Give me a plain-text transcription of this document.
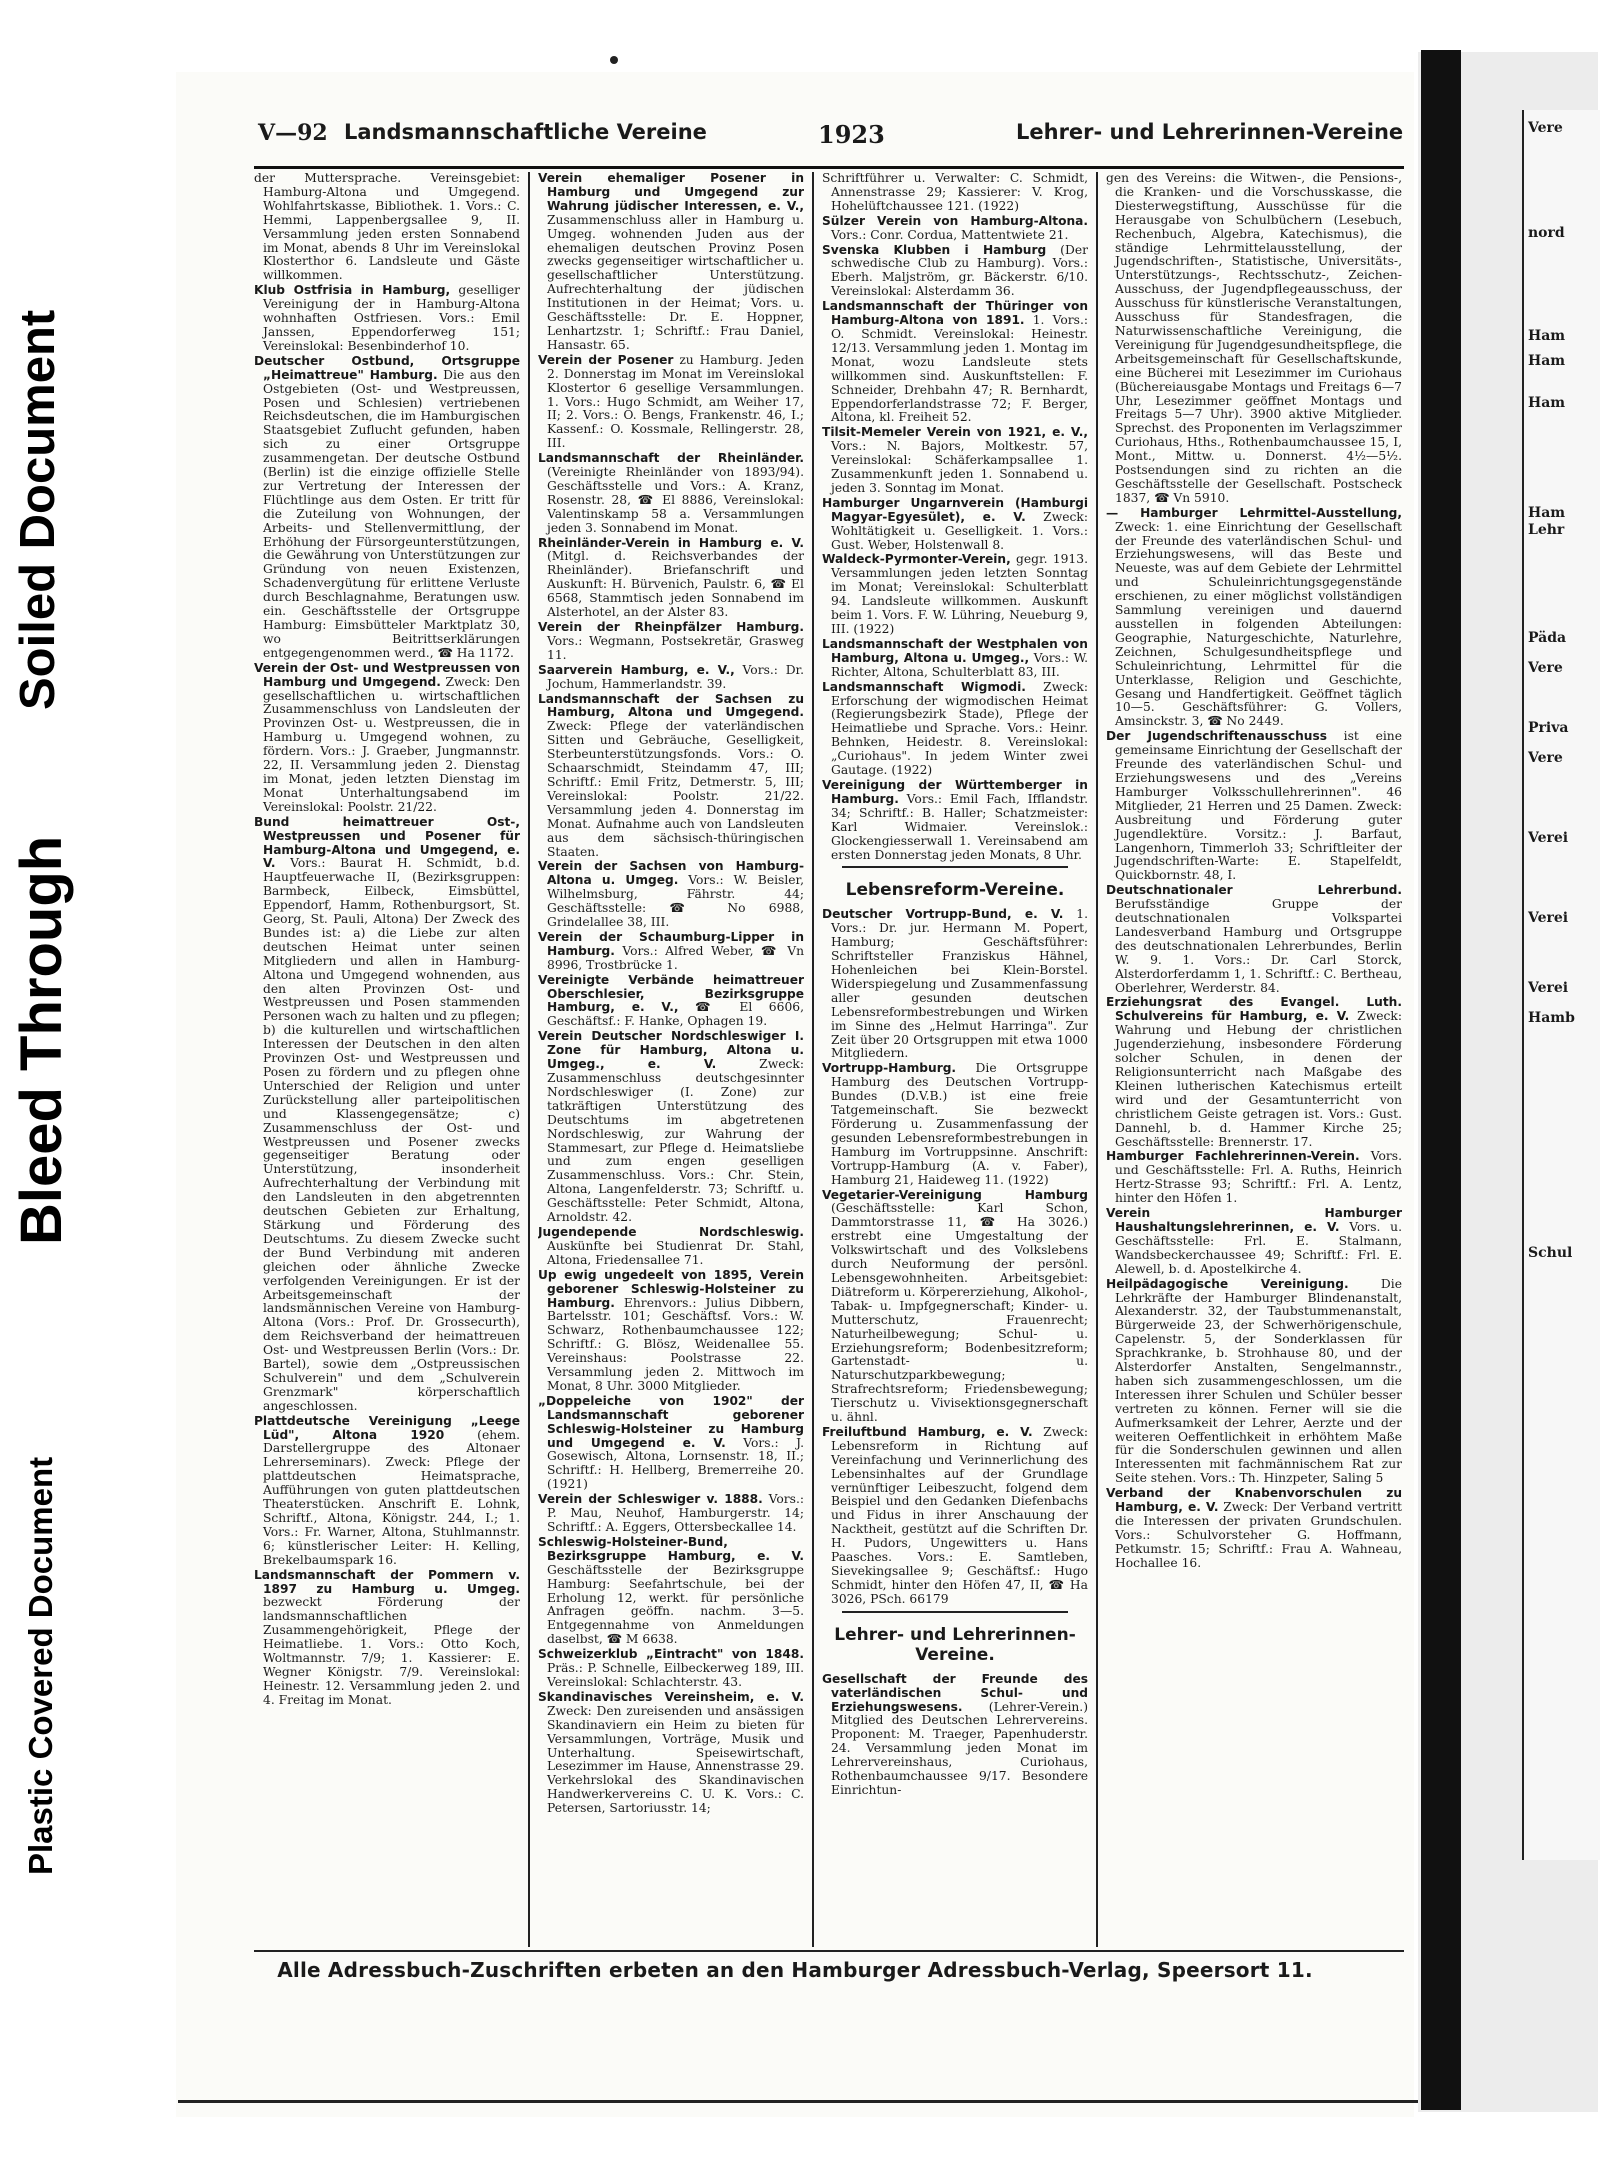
Soiled Document
Bleed Through
Plastic Covered Document
Vere
nord
Ham
Ham
Ham
Ham
Lehr
Päda
Vere
Priva
Vere
Verei
Verei
Verei
Hamb
Schul
V—92 Landsmannschaftliche Vereine	1923	Lehrer- und Lehrerinnen-Vereine

der Muttersprache. Vereinsgebiet: Hamburg-Altona und Umgegend. Wohlfahrtskasse, Bibliothek. 1. Vors.: C. Hemmi, Lappenbergsallee 9, II. Versammlung jeden ersten Sonnabend im Monat, abends 8 Uhr im Vereinslokal Klosterthor 6. Landsleute und Gäste willkommen.

Klub Ostfrisia in Hamburg, geselliger Vereinigung der in Hamburg-Altona wohnhaften Ostfriesen. Vors.: Emil Janssen, Eppendorferweg 151; Vereinslokal: Besenbinderhof 10.

Deutscher Ostbund, Ortsgruppe „Heimattreue" Hamburg. Die aus den Ostgebieten (Ost- und Westpreussen, Posen und Schlesien) vertriebenen Reichsdeutschen, die im Hamburgischen Staatsgebiet Zuflucht gefunden, haben sich zu einer Ortsgruppe zusammengetan. Der deutsche Ostbund (Berlin) ist die einzige offizielle Stelle zur Vertretung der Interessen der Flüchtlinge aus dem Osten. Er tritt für die Zuteilung von Wohnungen, der Arbeits- und Stellenvermittlung, der Erhöhung der Fürsorgeunterstützungen, die Gewährung von Unterstützungen zur Gründung von neuen Existenzen, Schadenvergütung für erlittene Verluste durch Beschlagnahme, Beratungen usw. ein. Geschäftsstelle der Ortsgruppe Hamburg: Eimsbütteler Marktplatz 30, wo Beitrittserklärungen entgegengenommen werd., ☎ Ha 1172.

Verein der Ost- und Westpreussen von Hamburg und Umgegend. Zweck: Den gesellschaftlichen u. wirtschaftlichen Zusammenschluss von Landsleuten der Provinzen Ost- u. Westpreussen, die in Hamburg u. Umgegend wohnen, zu fördern. Vors.: J. Graeber, Jungmannstr. 22, II. Versammlung jeden 2. Dienstag im Monat, jeden letzten Dienstag im Monat Unterhaltungsabend im Vereinslokal: Poolstr. 21/22.

Bund heimattreuer Ost-, Westpreussen und Posener für Hamburg-Altona und Umgegend, e. V. Vors.: Baurat H. Schmidt, b.d. Hauptfeuerwache II, (Bezirksgruppen: Barmbeck, Eilbeck, Eimsbüttel, Eppendorf, Hamm, Rothenburgsort, St. Georg, St. Pauli, Altona) Der Zweck des Bundes ist: a) die Liebe zur alten deutschen Heimat unter seinen Mitgliedern und allen in Hamburg-Altona und Umgegend wohnenden, aus den alten Provinzen Ost- und Westpreussen und Posen stammenden Personen wach zu halten und zu pflegen; b) die kulturellen und wirtschaftlichen Interessen der Deutschen in den alten Provinzen Ost- und Westpreussen und Posen zu fördern und zu pflegen ohne Unterschied der Religion und unter Zurückstellung aller parteipolitischen und Klassengegensätze; c) Zusammenschluss der Ost- und Westpreussen und Posener zwecks gegenseitiger Beratung oder Unterstützung, insonderheit Aufrechterhaltung der Verbindung mit den Landsleuten in den abgetrennten deutschen Gebieten zur Erhaltung, Stärkung und Förderung des Deutschtums. Zu diesem Zwecke sucht der Bund Verbindung mit anderen gleichen oder ähnliche Zwecke verfolgenden Vereinigungen. Er ist der Arbeitsgemeinschaft der landsmännischen Vereine von Hamburg-Altona (Vors.: Prof. Dr. Grossecurth), dem Reichsverband der heimattreuen Ost- und Westpreussen Berlin (Vors.: Dr. Bartel), sowie dem „Ostpreussischen Schulverein" und dem „Schulverein Grenzmark" körperschaftlich angeschlossen.

Plattdeutsche Vereinigung „Leege Lüd", Altona 1920 (ehem. Darstellergruppe des Altonaer Lehrerseminars). Zweck: Pflege der plattdeutschen Heimatsprache, Aufführungen von guten plattdeutschen Theaterstücken. Anschrift E. Lohnk, Schriftf., Altona, Königstr. 244, I.; 1. Vors.: Fr. Warner, Altona, Stuhlmannstr. 6; künstlerischer Leiter: H. Kelling, Brekelbaumspark 16.

Landsmannschaft der Pommern v. 1897 zu Hamburg u. Umgeg. bezweckt Förderung der landsmannschaftlichen Zusammengehörigkeit, Pflege der Heimatliebe. 1. Vors.: Otto Koch, Woltmannstr. 7/9; 1. Kassierer: E. Wegner Königstr. 7/9. Vereinslokal: Heinestr. 12. Versammlung jeden 2. und 4. Freitag im Monat.

Verein ehemaliger Posener in Hamburg und Umgegend zur Wahrung jüdischer Interessen, e. V., Zusammenschluss aller in Hamburg u. Umgeg. wohnenden Juden aus der ehemaligen deutschen Provinz Posen zwecks gegenseitiger wirtschaftlicher u. gesellschaftlicher Unterstützung. Aufrechterhaltung der jüdischen Institutionen in der Heimat; Vors. u. Geschäftsstelle: Dr. E. Hoppner, Lenhartzstr. 1; Schriftf.: Frau Daniel, Hansastr. 65.

Verein der Posener zu Hamburg. Jeden 2. Donnerstag im Monat im Vereinslokal Klostertor 6 gesellige Versammlungen. 1. Vors.: Hugo Schmidt, am Weiher 17, II; 2. Vors.: O. Bengs, Frankenstr. 46, I.; Kassenf.: O. Kossmale, Rellingerstr. 28, III.

Landsmannschaft der Rheinländer. (Vereinigte Rheinländer von 1893/94). Geschäftsstelle und Vors.: A. Kranz, Rosenstr. 28, ☎ El 8886, Vereinslokal: Valentinskamp 58 a. Versammlungen jeden 3. Sonnabend im Monat.

Rheinländer-Verein in Hamburg e. V. (Mitgl. d. Reichsverbandes der Rheinländer). Briefanschrift und Auskunft: H. Bürvenich, Paulstr. 6, ☎ El 6568, Stammtisch jeden Sonnabend im Alsterhotel, an der Alster 83.

Verein der Rheinpfälzer Hamburg. Vors.: Wegmann, Postsekretär, Grasweg 11.

Saarverein Hamburg, e. V., Vors.: Dr. Jochum, Hammerlandstr. 39.

Landsmannschaft der Sachsen zu Hamburg, Altona und Umgegend. Zweck: Pflege der vaterländischen Sitten und Gebräuche, Geselligkeit, Sterbeunterstützungsfonds. Vors.: O. Schaarschmidt, Steindamm 47, III; Schriftf.: Emil Fritz, Detmerstr. 5, III; Vereinslokal: Poolstr. 21/22. Versammlung jeden 4. Donnerstag im Monat. Aufnahme auch von Landsleuten aus dem sächsisch-thüringischen Staaten.

Verein der Sachsen von Hamburg-Altona u. Umgeg. Vors.: W. Beisler, Wilhelmsburg, Fährstr. 44; Geschäftsstelle: ☎ No 6988, Grindelallee 38, III.

Verein der Schaumburg-Lipper in Hamburg. Vors.: Alfred Weber, ☎ Vn 8996, Trostbrücke 1.

Vereinigte Verbände heimattreuer Oberschlesier, Bezirksgruppe Hamburg, e. V., ☎ El 6606, Geschäftsf.: F. Hanke, Ophagen 19.

Verein Deutscher Nordschleswiger I. Zone für Hamburg, Altona u. Umgeg., e. V. Zweck: Zusammenschluss deutschgesinnter Nordschleswiger (I. Zone) zur tatkräftigen Unterstützung des Deutschtums im abgetretenen Nordschleswig, zur Wahrung der Stammesart, zur Pflege d. Heimatsliebe und zum engen geselligen Zusammenschluss. Vors.: Chr. Stein, Altona, Langenfelderstr. 73; Schriftf. u. Geschäftsstelle: Peter Schmidt, Altona, Arnoldstr. 42.

Jugendepende Nordschleswig. Auskünfte bei Studienrat Dr. Stahl, Altona, Friedensallee 71.

Up ewig ungedeelt von 1895, Verein geborener Schleswig-Holsteiner zu Hamburg. Ehrenvors.: Julius Dibbern, Bartelsstr. 101; Geschäftsf. Vors.: W. Schwarz, Rothenbaumchaussee 122; Schriftf.: G. Blösz, Weidenallee 55. Vereinshaus: Poolstrasse 22. Versammlung jeden 2. Mittwoch im Monat, 8 Uhr. 3000 Mitglieder.

„Doppeleiche von 1902" der Landsmannschaft geborener Schleswig-Holsteiner zu Hamburg und Umgegend e. V. Vors.: J. Gosewisch, Altona, Lornsenstr. 18, II.; Schriftf.: H. Hellberg, Bremerreihe 20. (1921)

Verein der Schleswiger v. 1888. Vors.: P. Mau, Neuhof, Hamburgerstr. 14; Schriftf.: A. Eggers, Ottersbeckallee 14.

Schleswig-Holsteiner-Bund, Bezirksgruppe Hamburg, e. V. Geschäftsstelle der Bezirksgruppe Hamburg: Seefahrtschule, bei der Erholung 12, werkt. für persönliche Anfragen geöffn. nachm. 3—5. Entgegennahme von Anmeldungen daselbst, ☎ M 6638.

Schweizerklub „Eintracht" von 1848. Präs.: P. Schnelle, Eilbeckerweg 189, III. Vereinslokal: Schlachterstr. 43.

Skandinavisches Vereinsheim, e. V. Zweck: Den zureisenden und ansässigen Skandinaviern ein Heim zu bieten für Versammlungen, Vorträge, Musik und Unterhaltung. Speisewirtschaft, Lesezimmer im Hause, Annenstrasse 29. Verkehrslokal des Skandinavischen Handwerkervereins C. U. K. Vors.: C. Petersen, Sartoriusstr. 14;

Schriftführer u. Verwalter: C. Schmidt, Annenstrasse 29; Kassierer: V. Krog, Hohelüftchaussee 121. (1922)

Sülzer Verein von Hamburg-Altona. Vors.: Conr. Cordua, Mattentwiete 21.

Svenska Klubben i Hamburg (Der schwedische Club zu Hamburg). Vors.: Eberh. Maljström, gr. Bäckerstr. 6/10. Vereinslokal: Alsterdamm 36.

Landsmannschaft der Thüringer von Hamburg-Altona von 1891. 1. Vors.: O. Schmidt. Vereinslokal: Heinestr. 12/13. Versammlung jeden 1. Montag im Monat, wozu Landsleute stets willkommen sind. Auskunftstellen: F. Schneider, Drehbahn 47; R. Bernhardt, Eppendorferlandstrasse 72; F. Berger, Altona, kl. Freiheit 52.

Tilsit-Memeler Verein von 1921, e. V., Vors.: N. Bajors, Moltkestr. 57, Vereinslokal: Schäferkampsallee 1. Zusammenkunft jeden 1. Sonnabend u. jeden 3. Sonntag im Monat.

Hamburger Ungarnverein (Hamburgi Magyar-Egyesület), e. V. Zweck: Wohltätigkeit u. Geselligkeit. 1. Vors.: Gust. Weber, Holstenwall 8.

Waldeck-Pyrmonter-Verein, gegr. 1913. Versammlungen jeden letzten Sonntag im Monat; Vereinslokal: Schulterblatt 94. Landsleute willkommen. Auskunft beim 1. Vors. F. W. Lühring, Neueburg 9, III. (1922)

Landsmannschaft der Westphalen von Hamburg, Altona u. Umgeg., Vors.: W. Richter, Altona, Schulterblatt 83, III.

Landsmannschaft Wigmodi. Zweck: Erforschung der wigmodischen Heimat (Regierungsbezirk Stade), Pflege der Heimatliebe und Sprache. Vors.: Heinr. Behnken, Heidestr. 8. Vereinslokal: „Curiohaus". In jedem Winter zwei Gautage. (1922)

Vereinigung der Württemberger in Hamburg. Vors.: Emil Fach, Ifflandstr. 34; Schriftf.: B. Haller; Schatzmeister: Karl Widmaier. Vereinslok.: Glockengiesserwall 1. Vereinsabend am ersten Donnerstag jeden Monats, 8 Uhr.

Lebensreform-Vereine.

Deutscher Vortrupp-Bund, e. V. 1. Vors.: Dr. jur. Hermann M. Popert, Hamburg; Geschäftsführer: Schriftsteller Franziskus Hähnel, Hohenleichen bei Klein-Borstel. Widerspiegelung und Zusammenfassung aller gesunden deutschen Lebensreformbestrebungen und Wirken im Sinne des „Helmut Harringa". Zur Zeit über 20 Ortsgruppen mit etwa 1000 Mitgliedern.

Vortrupp-Hamburg. Die Ortsgruppe Hamburg des Deutschen Vortrupp-Bundes (D.V.B.) ist eine freie Tatgemeinschaft. Sie bezweckt Förderung u. Zusammenfassung der gesunden Lebensreformbestrebungen in Hamburg im Vortruppsinne. Anschrift: Vortrupp-Hamburg (A. v. Faber), Hamburg 21, Haideweg 11. (1922)

Vegetarier-Vereinigung Hamburg (Geschäftsstelle: Karl Schon, Dammtorstrasse 11, ☎ Ha 3026.) erstrebt eine Umgestaltung der Volkswirtschaft und des Volkslebens durch Neuformung der persönl. Lebensgewohnheiten. Arbeitsgebiet: Diätreform u. Körpererziehung, Alkohol-, Tabak- u. Impfgegnerschaft; Kinder- u. Mutterschutz, Frauenrecht; Naturheilbewegung; Schul- u. Erziehungsreform; Bodenbesitzreform; Gartenstadt- u. Naturschutzparkbewegung; Strafrechtsreform; Friedensbewegung; Tierschutz u. Vivisektionsgegnerschaft u. ähnl.

Freiluftbund Hamburg, e. V. Zweck: Lebensreform in Richtung auf Vereinfachung und Verinnerlichung des Lebensinhaltes auf der Grundlage vernünftiger Leibeszucht, folgend dem Beispiel und den Gedanken Diefenbachs und Fidus in ihrer Anschauung der Nacktheit, gestützt auf die Schriften Dr. H. Pudors, Ungewitters u. Hans Paasches. Vors.: E. Samtleben, Sievekingsallee 9; Geschäftsf.: Hugo Schmidt, hinter den Höfen 47, II, ☎ Ha 3026, PSch. 66179

Lehrer- und Lehrerinnen-Vereine.

Gesellschaft der Freunde des vaterländischen Schul- und Erziehungswesens. (Lehrer-Verein.) Mitglied des Deutschen Lehrervereins. Proponent: M. Traeger, Papenhuderstr. 24. Versammlung jeden Monat im Lehrervereinshaus, Curiohaus, Rothenbaumchaussee 9/17. Besondere Einrichtun-

gen des Vereins: die Witwen-, die Pensions-, die Kranken- und die Vorschusskasse, die Diesterwegstiftung, Ausschüsse für die Herausgabe von Schulbüchern (Lesebuch, Rechenbuch, Algebra, Katechismus), die ständige Lehrmittelausstellung, der Jugendschriften-, Statistische, Universitäts-, Unterstützungs-, Rechtsschutz-, Zeichen-Ausschuss, der Jugendpflegeausschuss, der Ausschuss für künstlerische Veranstaltungen, Ausschuss für Standesfragen, die Naturwissenschaftliche Vereinigung, die Vereinigung für Jugendgesundheitspflege, die Arbeitsgemeinschaft für Gesellschaftskunde, eine Bücherei mit Lesezimmer im Curiohaus (Büchereiausgabe Montags und Freitags 6—7 Uhr, Lesezimmer geöffnet Montags und Freitags 5—7 Uhr). 3900 aktive Mitglieder. Sprechst. des Proponenten im Verlagszimmer Curiohaus, Hths., Rothenbaumchaussee 15, I, Mont., Mittw. u. Donnerst. 4½—5½. Postsendungen sind zu richten an die Geschäftsstelle der Gesellschaft. Postscheck 1837, ☎ Vn 5910.

— Hamburger Lehrmittel-Ausstellung, Zweck: 1. eine Einrichtung der Gesellschaft der Freunde des vaterländischen Schul- und Erziehungswesens, will das Beste und Neueste, was auf dem Gebiete der Lehrmittel und Schuleinrichtungsgegenstände erschienen, zu einer möglichst vollständigen Sammlung vereinigen und dauernd ausstellen in folgenden Abteilungen: Geographie, Naturgeschichte, Naturlehre, Zeichnen, Schulgesundheitspflege und Schuleinrichtung, Lehrmittel für die Unterklasse, Religion und Geschichte, Gesang und Handfertigkeit. Geöffnet täglich 10—5. Geschäftsführer: G. Vollers, Amsinckstr. 3, ☎ No 2449.

Der Jugendschriftenausschuss ist eine gemeinsame Einrichtung der Gesellschaft der Freunde des vaterländischen Schul- und Erziehungswesens und des „Vereins Hamburger Volksschullehrerinnen". 46 Mitglieder, 21 Herren und 25 Damen. Zweck: Ausbreitung und Förderung guter Jugendlektüre. Vorsitz.: J. Barfaut, Langenhorn, Timmerloh 33; Schriftleiter der Jugendschriften-Warte: E. Stapelfeldt, Quickbornstr. 48, I.

Deutschnationaler Lehrerbund. Berufsständige Gruppe der deutschnationalen Volkspartei Landesverband Hamburg und Ortsgruppe des deutschnationalen Lehrerbundes, Berlin W. 9. 1. Vors.: Dr. Carl Storck, Alsterdorferdamm 1, 1. Schriftf.: C. Bertheau, Oberlehrer, Werderstr. 84.

Erziehungsrat des Evangel. Luth. Schulvereins für Hamburg, e. V. Zweck: Wahrung und Hebung der christlichen Jugenderziehung, insbesondere Förderung solcher Schulen, in denen der Religionsunterricht nach Maßgabe des Kleinen lutherischen Katechismus erteilt wird und der Gesamtunterricht von christlichem Geiste getragen ist. Vors.: Gust. Dannehl, b. d. Hammer Kirche 25; Geschäftsstelle: Brennerstr. 17.

Hamburger Fachlehrerinnen-Verein. Vors. und Geschäftsstelle: Frl. A. Ruths, Heinrich Hertz-Strasse 93; Schriftf.: Frl. A. Lentz, hinter den Höfen 1.

Verein Hamburger Haushaltungslehrerinnen, e. V. Vors. u. Geschäftsstelle: Frl. E. Stalmann, Wandsbeckerchaussee 49; Schriftf.: Frl. E. Alewell, b. d. Apostelkirche 4.

Heilpädagogische Vereinigung. Die Lehrkräfte der Hamburger Blindenanstalt, Alexanderstr. 32, der Taubstummenanstalt, Bürgerweide 23, der Schwerhörigenschule, Capelenstr. 5, der Sonderklassen für Sprachkranke, b. Strohhause 80, und der Alsterdorfer Anstalten, Sengelmannstr., haben sich zusammengeschlossen, um die Interessen ihrer Schulen und Schüler besser vertreten zu können. Ferner will sie die Aufmerksamkeit der Lehrer, Aerzte und der weiteren Oeffentlichkeit in erhöhtem Maße für die Sonderschulen gewinnen und allen Interessenten mit fachmännischem Rat zur Seite stehen. Vors.: Th. Hinzpeter, Saling 5

Verband der Knabenvorschulen zu Hamburg, e. V. Zweck: Der Verband vertritt die Interessen der privaten Grundschulen. Vors.: Schulvorsteher G. Hoffmann, Petkumstr. 15; Schriftf.: Frau A. Wahneau, Hochallee 16.

Alle Adressbuch-Zuschriften erbeten an den Hamburger Adressbuch-Verlag, Speersort 11.
